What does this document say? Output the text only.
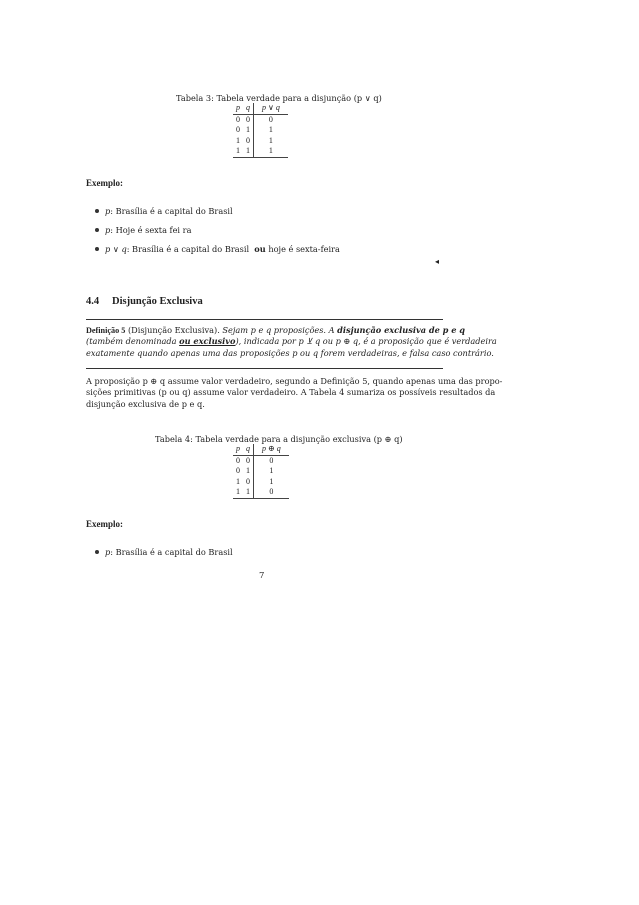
Tabela 3: Tabela verdade para a disjunção (p ∨ q)
p	q	p ∨ q
0	0	0
0	1	1
1	0	1
1	1	1
Exemplo:
p: Brasília é a capital do Brasil
p: Hoje é sexta fei ra
p ∨ q: Brasília é a capital do Brasil ou hoje é sexta-feira
◂
4.4 Disjunção Exclusiva
Definição 5 (Disjunção Exclusiva). Sejam p e q proposições. A disjunção exclusiva de p e q
(também denominada ou exclusivo), indicada por p ⊻ q ou p ⊕ q, é a proposição que é verdadeira
exatamente quando apenas uma das proposições p ou q forem verdadeiras, e falsa caso contrário.
A proposição p ⊕ q assume valor verdadeiro, segundo a Definição 5, quando apenas uma das propo-
sições primitivas (p ou q) assume valor verdadeiro. A Tabela 4 sumariza os possíveis resultados da
disjunção exclusiva de p e q.
Tabela 4: Tabela verdade para a disjunção exclusiva (p ⊕ q)
p	q	p ⊕ q
0	0	0
0	1	1
1	0	1
1	1	0
Exemplo:
p: Brasília é a capital do Brasil
7
